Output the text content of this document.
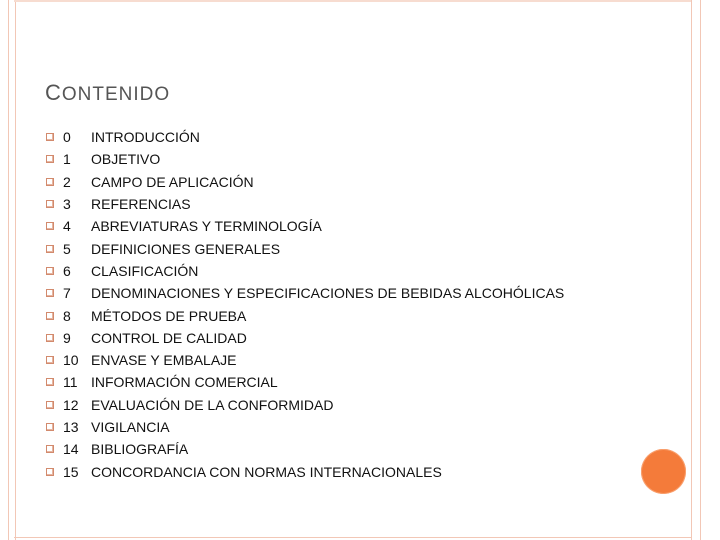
CONTENIDO
0	INTRODUCCIÓN
1	OBJETIVO
2	CAMPO DE APLICACIÓN
3	REFERENCIAS
4	ABREVIATURAS Y TERMINOLOGÍA
5	DEFINICIONES GENERALES
6	CLASIFICACIÓN
7	DENOMINACIONES Y ESPECIFICACIONES DE BEBIDAS ALCOHÓLICAS
8	MÉTODOS DE PRUEBA
9	CONTROL DE CALIDAD
10 ENVASE Y EMBALAJE
11 INFORMACIÓN COMERCIAL
12 EVALUACIÓN DE LA CONFORMIDAD
13 VIGILANCIA
14 BIBLIOGRAFÍA
15 CONCORDANCIA CON NORMAS INTERNACIONALES
